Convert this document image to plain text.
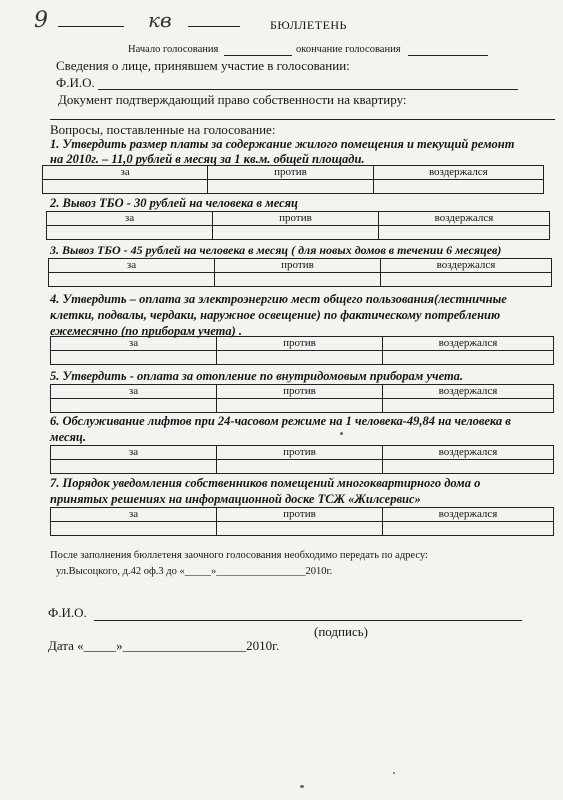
9	кв	БЮЛЛЕТЕНЬ
Начало голосования	окончание голосования
Сведения о лице, принявшем участие в голосовании:
Ф.И.О.
Документ подтверждающий право собственности на квартиру:
Вопросы, поставленные на голосование:
1. Утвердить размер платы за содержание жилого помещения и текущий ремонт
на 2010г. – 11,0 рублей в месяц за 1 кв.м. общей площади.
за	против	воздержался

2. Вывоз ТБО - 30 рублей на человека в месяц
за	против	воздержался

3. Вывоз ТБО - 45 рублей на человека в месяц ( для новых домов в течении 6 месяцев)
за	против	воздержался

4. Утвердить – оплата за электроэнергию мест общего пользования(лестничные
клетки, подвалы, чердаки, наружное освещение) по фактическому потреблению
ежемесячно (по приборам учета) .
за	против	воздержался

5. Утвердить - оплата за отопление по внутридомовым приборам учета.
за	против	воздержался

6. Обслуживание лифтов при 24-часовом режиме на 1 человека-49,84 на человека в
месяц.
за	против	воздержался

7. Порядок уведомления собственников помещений многоквартирного дома о
принятых решениях на информационной доске ТСЖ «Жилсервис»
за	против	воздержался

После заполнения бюллетеня заочного голосования необходимо передать по адресу:
ул.Высоцкого, д.42 оф.3 до «_____»_________________2010г.
Ф.И.О.
(подпись)
Дата «_____»___________________2010г.
